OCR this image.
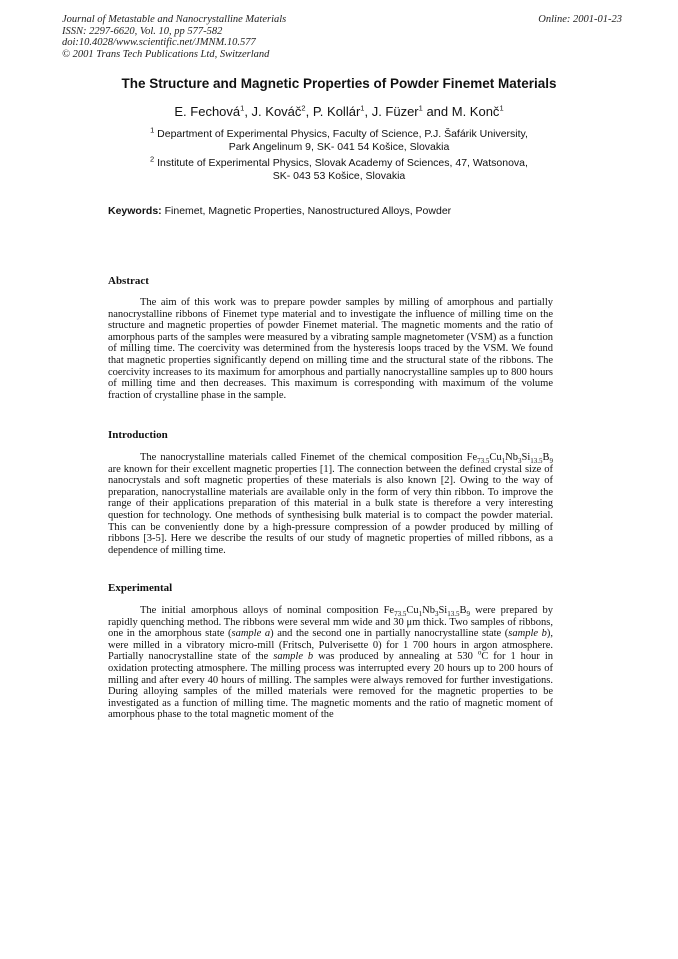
Journal of Metastable and Nanocrystalline Materials
ISSN: 2297-6620, Vol. 10, pp 577-582
doi:10.4028/www.scientific.net/JMNM.10.577
© 2001 Trans Tech Publications Ltd, Switzerland
Online: 2001-01-23
The Structure and Magnetic Properties of Powder Finemet Materials
E. Fechová$^1$, J. Kováč$^2$, P. Kollár$^1$, J. Füzer$^1$ and M. Konč$^1$
$^1$ Department of Experimental Physics, Faculty of Science, P.J. Šafárik University,
Park Angelinum 9, SK- 041 54 Košice, Slovakia
$^2$ Institute of Experimental Physics, Slovak Academy of Sciences, 47, Watsonova,
SK- 043 53 Košice, Slovakia
Keywords: Finemet, Magnetic Properties, Nanostructured Alloys, Powder
Abstract

The aim of this work was to prepare powder samples by milling of amorphous and partially nanocrystalline ribbons of Finemet type material and to investigate the influence of milling time on the structure and magnetic properties of powder Finemet material. The magnetic moments and the ratio of amorphous parts of the samples were measured by a vibrating sample magnetometer (VSM) as a function of milling time. The coercivity was determined from the hysteresis loops traced by the VSM. We found that magnetic properties significantly depend on milling time and the structural state of the ribbons. The coercivity increases to its maximum for amorphous and partially nanocrystalline samples up to 800 hours of milling time and then decreases. This maximum is corresponding with maximum of the volume fraction of crystalline phase in the sample.

Introduction

The nanocrystalline materials called Finemet of the chemical composition $Fe_{73.5}Cu_1Nb_3Si_{13.5}B_9$ are known for their excellent magnetic properties [1]. The connection between the defined crystal size of nanocrystals and soft magnetic properties of these materials is also known [2]. Owing to the way of preparation, nanocrystalline materials are available only in the form of very thin ribbon. To improve the range of their applications preparation of this material in a bulk state is therefore a very interesting question for technology. One methods of synthesising bulk material is to compact the powder material. This can be conveniently done by a high-pressure compression of a powder produced by milling of ribbons [3-5]. Here we describe the results of our study of magnetic properties of milled ribbons, as a dependence of milling time.

Experimental

The initial amorphous alloys of nominal composition $Fe_{73.5}Cu_1Nb_3Si_{13.5}B_9$ were prepared by rapidly quenching method. The ribbons were several mm wide and 30 μm thick. Two samples of ribbons, one in the amorphous state (sample a) and the second one in partially nanocrystalline state (sample b), were milled in a vibratory micro-mill (Fritsch, Pulverisette 0) for 1 700 hours in argon atmosphere. Partially nanocrystalline state of the sample b was produced by annealing at 530 $^o$C for 1 hour in oxidation protecting atmosphere. The milling process was interrupted every 20 hours up to 200 hours of milling and after every 40 hours of milling. The samples were always removed for further investigations. During alloying samples of the milled materials were removed for the magnetic properties to be investigated as a function of milling time. The magnetic moments and the ratio of magnetic moment of amorphous phase to the total magnetic moment of the
